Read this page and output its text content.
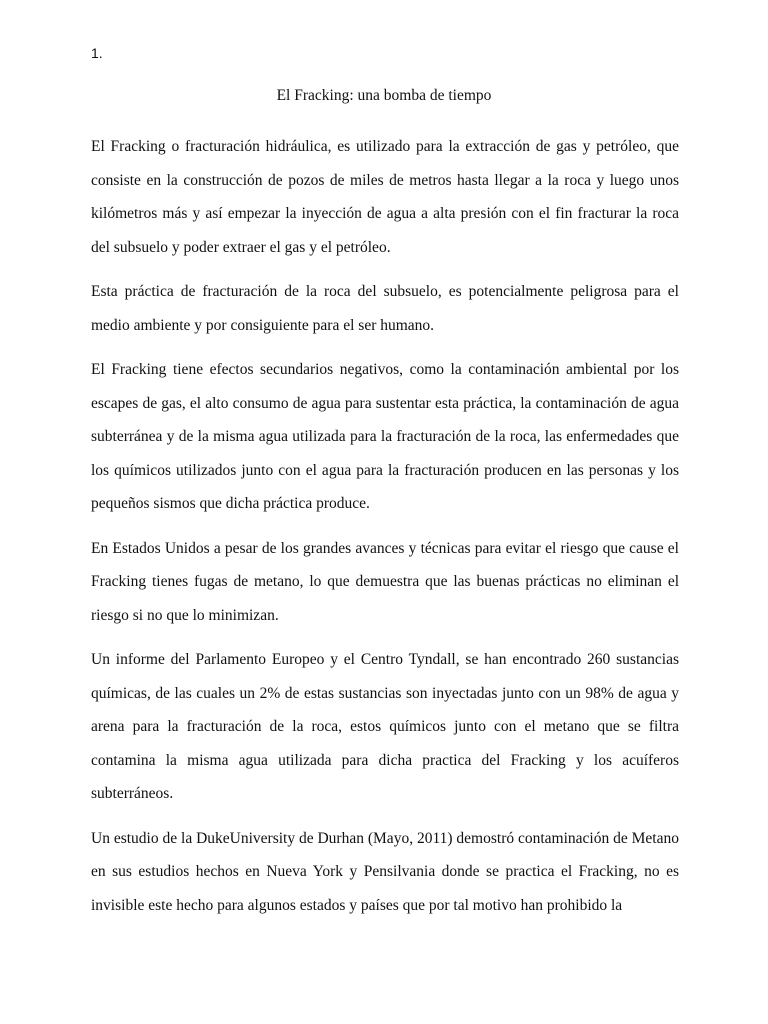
1.
El Fracking: una bomba de tiempo

El Fracking o fracturación hidráulica, es utilizado para la extracción de gas y petróleo, que consiste en la construcción de pozos de miles de metros hasta llegar a la roca y luego unos kilómetros más y así empezar la inyección de agua a alta presión con el fin fracturar la roca del subsuelo y poder extraer el gas y el petróleo.

Esta práctica de fracturación de la roca del subsuelo, es potencialmente peligrosa para el medio ambiente y por consiguiente para el ser humano.

El Fracking tiene efectos secundarios negativos, como la contaminación ambiental por los escapes de gas, el alto consumo de agua para sustentar esta práctica, la contaminación de agua subterránea y de la misma agua utilizada para la fracturación de la roca, las enfermedades que los químicos utilizados junto con el agua para la fracturación producen en las personas y los pequeños sismos que dicha práctica produce.

En Estados Unidos a pesar de los grandes avances y técnicas para evitar el riesgo que cause el Fracking tienes fugas de metano, lo que demuestra que las buenas prácticas no eliminan el riesgo si no que lo minimizan.

Un informe del Parlamento Europeo y el Centro Tyndall, se han encontrado 260 sustancias químicas, de las cuales un 2% de estas sustancias son inyectadas junto con un 98% de agua y arena para la fracturación de la roca, estos químicos junto con el metano que se filtra contamina la misma agua utilizada para dicha practica del Fracking y los acuíferos subterráneos.

Un estudio de la DukeUniversity de Durhan (Mayo, 2011) demostró contaminación de Metano en sus estudios hechos en Nueva York y Pensilvania donde se practica el Fracking, no es invisible este hecho para algunos estados y países que por tal motivo han prohibido la
